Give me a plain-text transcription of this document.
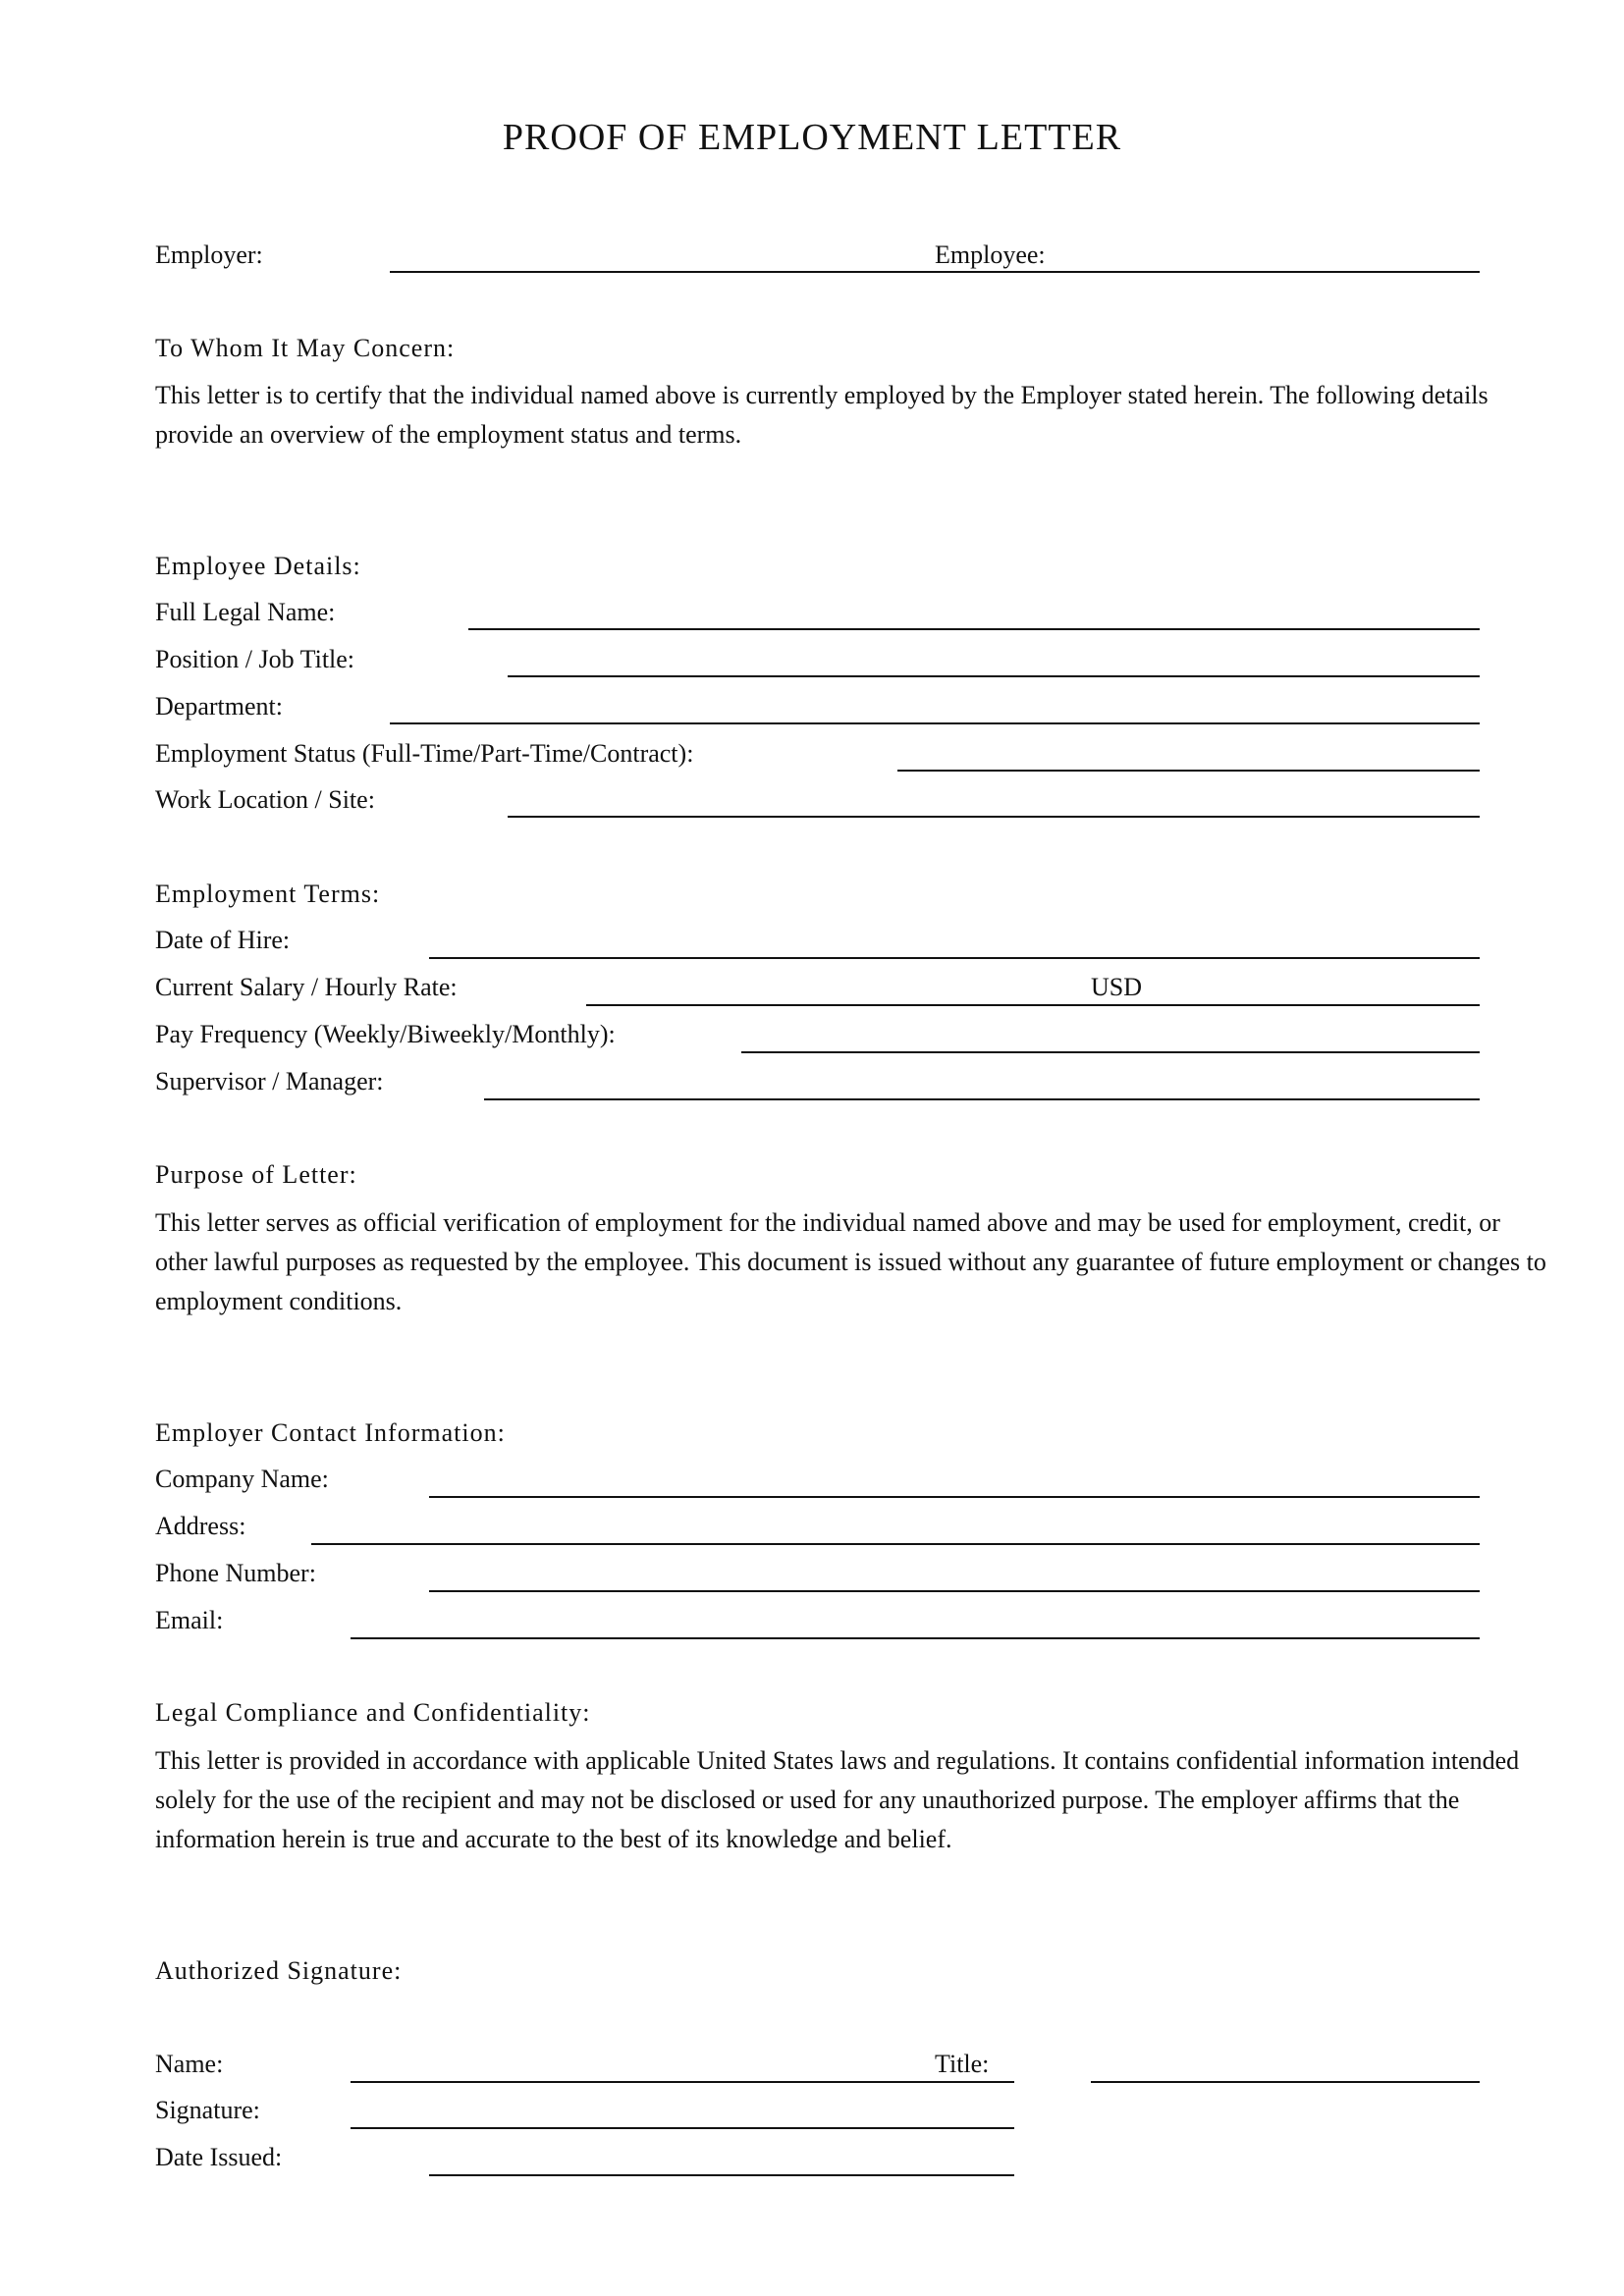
PROOF OF EMPLOYMENT LETTER
Employer:	Employee:
To Whom It May Concern:
This letter is to certify that the individual named above is currently employed by the Employer stated herein. The following details provide an overview of the employment status and terms.
Employee Details:
Full Legal Name:
Position / Job Title:
Department:
Employment Status (Full-Time/Part-Time/Contract):
Work Location / Site:
Employment Terms:
Date of Hire:
Current Salary / Hourly Rate:	USD
Pay Frequency (Weekly/Biweekly/Monthly):
Supervisor / Manager:
Purpose of Letter:
This letter serves as official verification of employment for the individual named above and may be used for employment, credit, or other lawful purposes as requested by the employee. This document is issued without any guarantee of future employment or changes to employment conditions.
Employer Contact Information:
Company Name:
Address:
Phone Number:
Email:
Legal Compliance and Confidentiality:
This letter is provided in accordance with applicable United States laws and regulations. It contains confidential information intended solely for the use of the recipient and may not be disclosed or used for any unauthorized purpose. The employer affirms that the information herein is true and accurate to the best of its knowledge and belief.
Authorized Signature:
Name:	Title:
Signature:
Date Issued:
